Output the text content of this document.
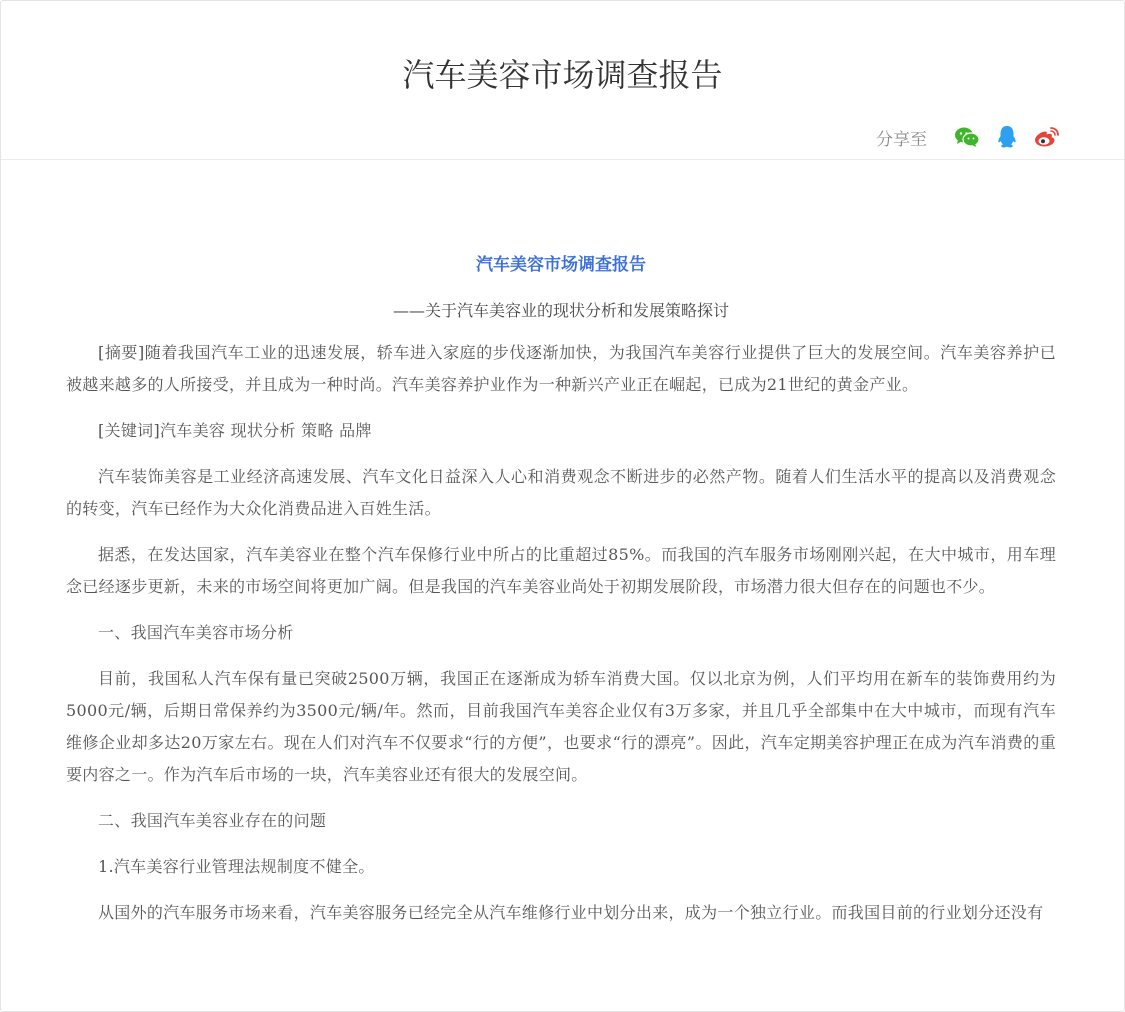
汽车美容市场调查报告
分享至
汽车美容市场调查报告
——关于汽车美容业的现状分析和发展策略探讨

[摘要]随着我国汽车工业的迅速发展，轿车进入家庭的步伐逐渐加快，为我国汽车美容行业提供了巨大的发展空间。汽车美容养护已被越来越多的人所接受，并且成为一种时尚。汽车美容养护业作为一种新兴产业正在崛起，已成为21世纪的黄金产业。

[关键词]汽车美容 现状分析 策略 品牌

汽车装饰美容是工业经济高速发展、汽车文化日益深入人心和消费观念不断进步的必然产物。随着人们生活水平的提高以及消费观念的转变，汽车已经作为大众化消费品进入百姓生活。

据悉，在发达国家，汽车美容业在整个汽车保修行业中所占的比重超过85%。而我国的汽车服务市场刚刚兴起，在大中城市，用车理念已经逐步更新，未来的市场空间将更加广阔。但是我国的汽车美容业尚处于初期发展阶段，市场潜力很大但存在的问题也不少。

一、我国汽车美容市场分析

目前，我国私人汽车保有量已突破2500万辆，我国正在逐渐成为轿车消费大国。仅以北京为例，人们平均用在新车的装饰费用约为5000元/辆，后期日常保养约为3500元/辆/年。然而，目前我国汽车美容企业仅有3万多家，并且几乎全部集中在大中城市，而现有汽车维修企业却多达20万家左右。现在人们对汽车不仅要求“行的方便”，也要求“行的漂亮”。因此，汽车定期美容护理正在成为汽车消费的重要内容之一。作为汽车后市场的一块，汽车美容业还有很大的发展空间。

二、我国汽车美容业存在的问题

1.汽车美容行业管理法规制度不健全。

从国外的汽车服务市场来看，汽车美容服务已经完全从汽车维修行业中划分出来，成为一个独立行业。而我国目前的行业划分还没有
